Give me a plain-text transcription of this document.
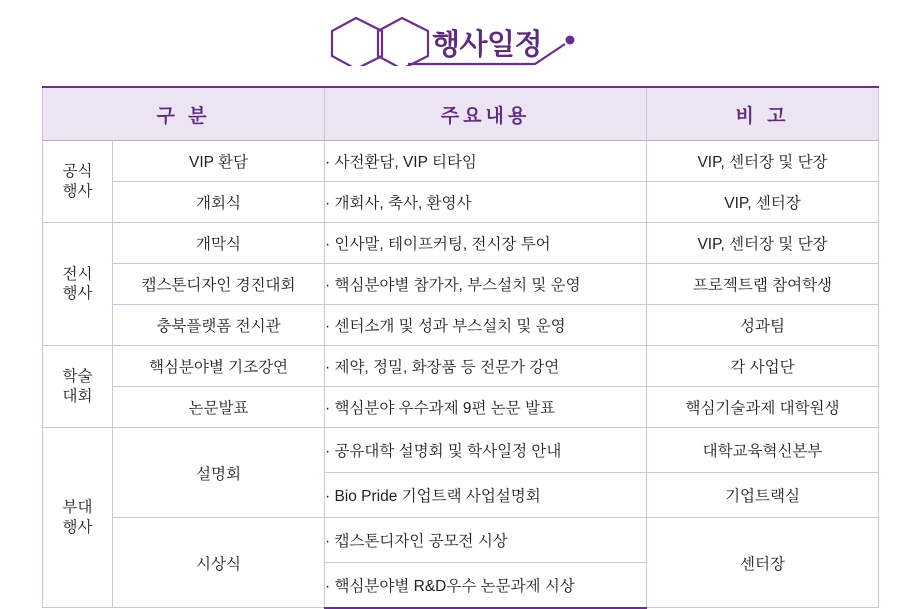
행사일정
구 분		주요내용	비 고
공식
행사	VIP 환담	· 사전환담, VIP 티타임	VIP, 센터장 및 단장
	개회식	· 개회사, 축사, 환영사	VIP, 센터장
전시
행사	개막식	· 인사말, 테이프커팅, 전시장 투어	VIP, 센터장 및 단장
	캡스톤디자인 경진대회	· 핵심분야별 참가자, 부스설치 및 운영	프로젝트랩 참여학생
	충북플랫폼 전시관	· 센터소개 및 성과 부스설치 및 운영	성과팀
학술
대회	핵심분야별 기조강연	· 제약, 정밀, 화장품 등 전문가 강연	각 사업단
	논문발표	· 핵심분야 우수과제 9편 논문 발표	핵심기술과제 대학원생
부대
행사	설명회	· 공유대학 설명회 및 학사일정 안내	대학교육혁신본부
		· Bio Pride 기업트랙 사업설명회	기업트랙실
	시상식	· 캡스톤디자인 공모전 시상	센터장
		· 핵심분야별 R&D우수 논문과제 시상	
